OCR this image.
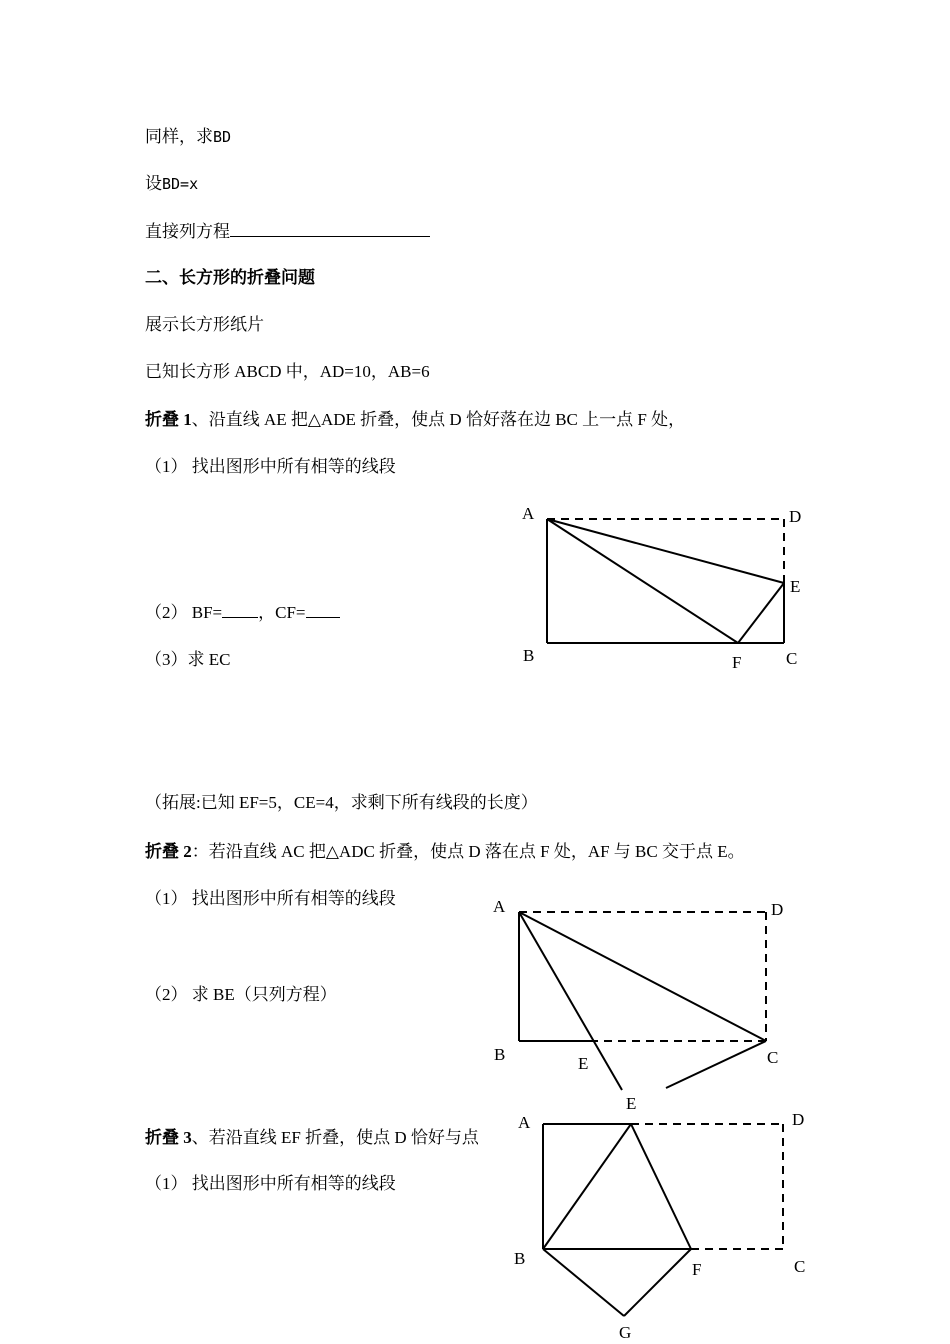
同样，求BD
设BD=x
直接列方程
二、长方形的折叠问题
展示长方形纸片
已知长方形 ABCD 中，AD=10，AB=6
折叠 1、沿直线 AE 把△ADE 折叠，使点 D 恰好落在边 BC 上一点 F 处，
（1） 找出图形中所有相等的线段
（2） BF= ，CF=
（3）求 EC
（拓展:已知 EF=5，CE=4，求剩下所有线段的长度）
折叠 2：若沿直线 AC 把△ADC 折叠，使点 D 落在点 F 处，AF 与 BC 交于点 E。
（1） 找出图形中所有相等的线段
（2） 求 BE（只列方程）
折叠 3、若沿直线 EF 折叠，使点 D 恰好与点
（1） 找出图形中所有相等的线段
A	D
E
B	F	C
A	D
B	E	C
E
A	D
B
F	C
G
